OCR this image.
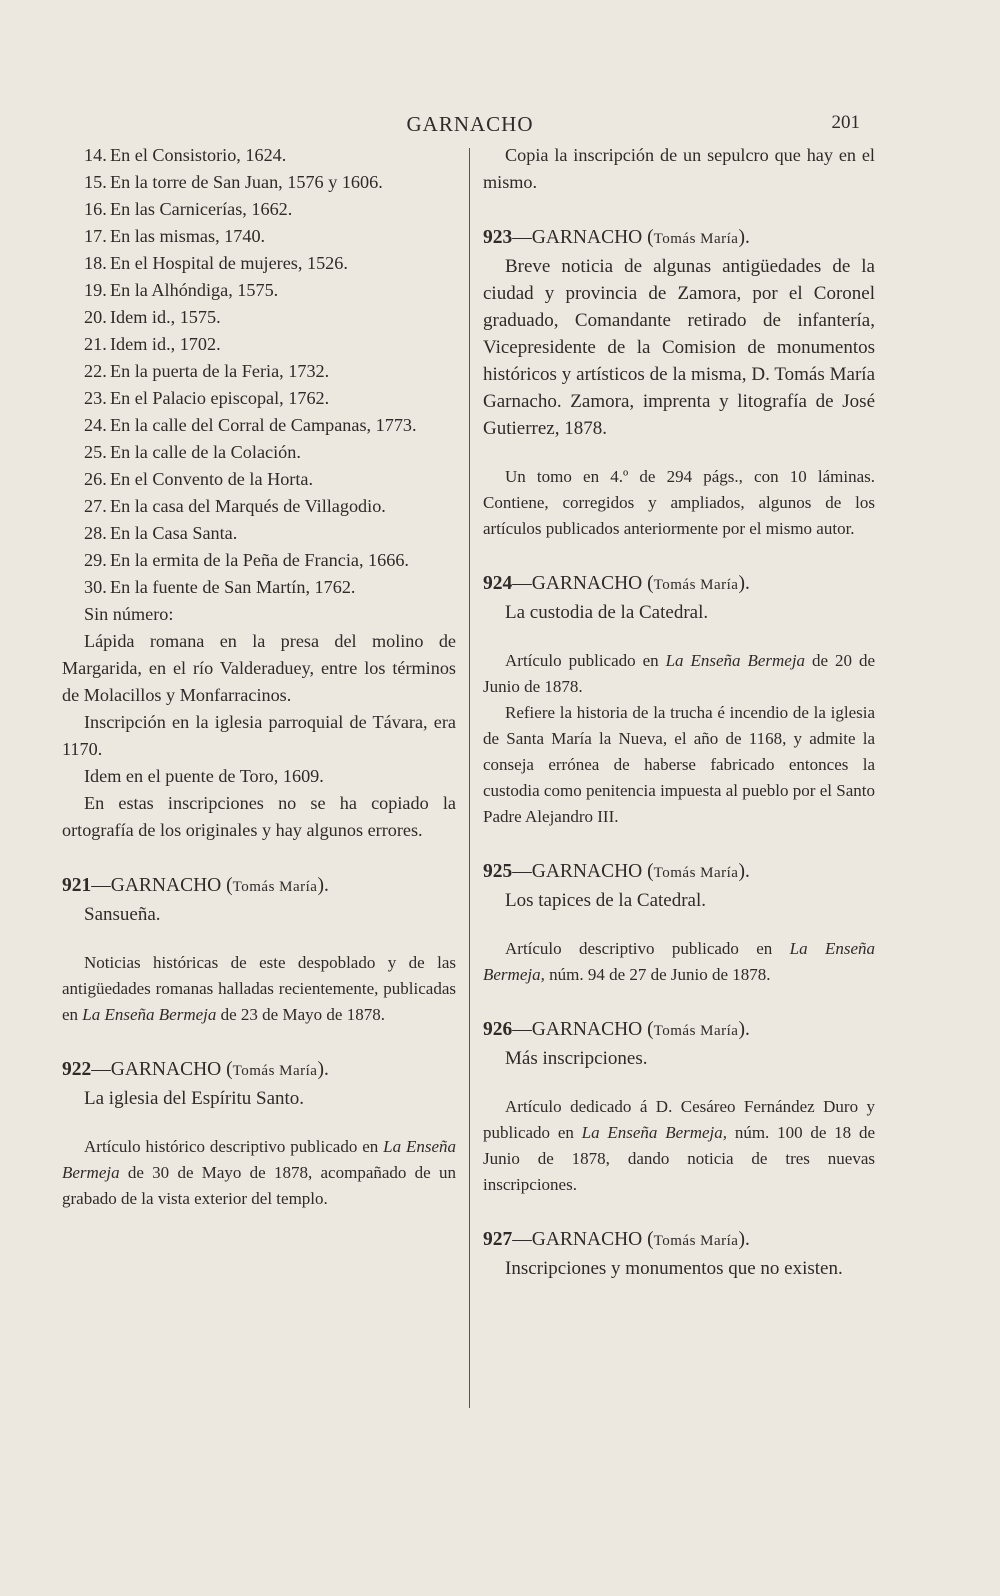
GARNACHO	201

14. En el Consistorio, 1624.

15. En la torre de San Juan, 1576 y 1606.

16. En las Carnicerías, 1662.

17. En las mismas, 1740.

18. En el Hospital de mujeres, 1526.

19. En la Alhóndiga, 1575.

20. Idem id., 1575.

21. Idem id., 1702.

22. En la puerta de la Feria, 1732.

23. En el Palacio episcopal, 1762.

24. En la calle del Corral de Campanas, 1773.

25. En la calle de la Colación.

26. En el Convento de la Horta.

27. En la casa del Marqués de Villagodio.

28. En la Casa Santa.

29. En la ermita de la Peña de Francia, 1666.

30. En la fuente de San Martín, 1762.

Sin número:

Lápida romana en la presa del molino de Margarida, en el río Valderaduey, entre los términos de Molacillos y Monfarracinos.

Inscripción en la iglesia parroquial de Távara, era 1170.

Idem en el puente de Toro, 1609.

En estas inscripciones no se ha copiado la ortografía de los originales y hay algunos errores.

921—GARNACHO (Tomás María).

Sansueña.

Noticias históricas de este despoblado y de las antigüedades romanas halladas recientemente, publicadas en La Enseña Bermeja de 23 de Mayo de 1878.

922—GARNACHO (Tomás María).

La iglesia del Espíritu Santo.

Artículo histórico descriptivo publicado en La Enseña Bermeja de 30 de Mayo de 1878, acompañado de un grabado de la vista exterior del templo.

Copia la inscripción de un sepulcro que hay en el mismo.

923—GARNACHO (Tomás María).

Breve noticia de algunas antigüedades de la ciudad y provincia de Zamora, por el Coronel graduado, Comandante retirado de infantería, Vicepresidente de la Comision de monumentos históricos y artísticos de la misma, D. Tomás María Garnacho. Zamora, imprenta y litografía de José Gutierrez, 1878.

Un tomo en 4.º de 294 págs., con 10 láminas. Contiene, corregidos y ampliados, algunos de los artículos publicados anteriormente por el mismo autor.

924—GARNACHO (Tomás María).

La custodia de la Catedral.

Artículo publicado en La Enseña Bermeja de 20 de Junio de 1878.

Refiere la historia de la trucha é incendio de la iglesia de Santa María la Nueva, el año de 1168, y admite la conseja errónea de haberse fabricado entonces la custodia como penitencia impuesta al pueblo por el Santo Padre Alejandro III.

925—GARNACHO (Tomás María).

Los tapices de la Catedral.

Artículo descriptivo publicado en La Enseña Bermeja, núm. 94 de 27 de Junio de 1878.

926—GARNACHO (Tomás María).

Más inscripciones.

Artículo dedicado á D. Cesáreo Fernández Duro y publicado en La Enseña Bermeja, núm. 100 de 18 de Junio de 1878, dando noticia de tres nuevas inscripciones.

927—GARNACHO (Tomás María).

Inscripciones y monumentos que no existen.
